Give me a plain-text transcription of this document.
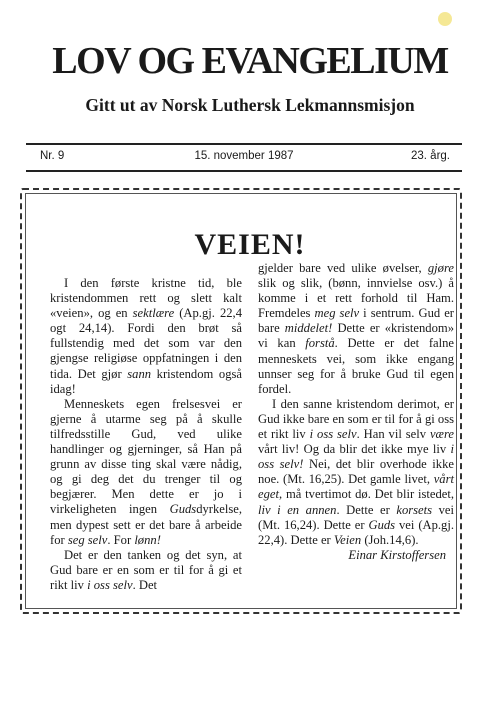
LOV OG EVANGELIUM
Gitt ut av Norsk Luthersk Lekmannsmisjon
Nr. 9	15. november 1987	23. årg.
VEIEN!

I den første kristne tid, ble kristendommen rett og slett kalt «veien», og en sektlære (Ap.gj. 22,4 ogt 24,14). Fordi den brøt så fullstendig med det som var den gjengse religiøse oppfatningen i den tida. Det gjør sann kristendom også idag!

Menneskets egen frelsesvei er gjerne å utarme seg på å skulle tilfredsstille Gud, ved ulike handlinger og gjerninger, så Han på grunn av disse ting skal være nådig, og gi deg det du trenger til og begjærer. Men dette er jo i virkeligheten ingen Gudsdyrkelse, men dypest sett er det bare å arbeide for seg selv. For lønn!

Det er den tanken og det syn, at Gud bare er en som er til for å gi et rikt liv i oss selv. Det

gjelder bare ved ulike øvelser, gjøre slik og slik, (bønn, innvielse osv.) å komme i et rett forhold til Ham. Fremdeles meg selv i sentrum. Gud er bare middelet! Dette er «kristendom» vi kan forstå. Dette er det falne menneskets vei, som ikke engang unnser seg for å bruke Gud til egen fordel.

I den sanne kristendom derimot, er Gud ikke bare en som er til for å gi oss et rikt liv i oss selv. Han vil selv være vårt liv! Og da blir det ikke mye liv i oss selv! Nei, det blir overhode ikke noe. (Mt. 16,25). Det gamle livet, vårt eget, må tvertimot dø. Det blir istedet, liv i en annen. Dette er korsets vei (Mt. 16,24). Dette er Guds vei (Ap.gj. 22,4). Dette er Veien (Joh.14,6).

Einar Kirstoffersen
